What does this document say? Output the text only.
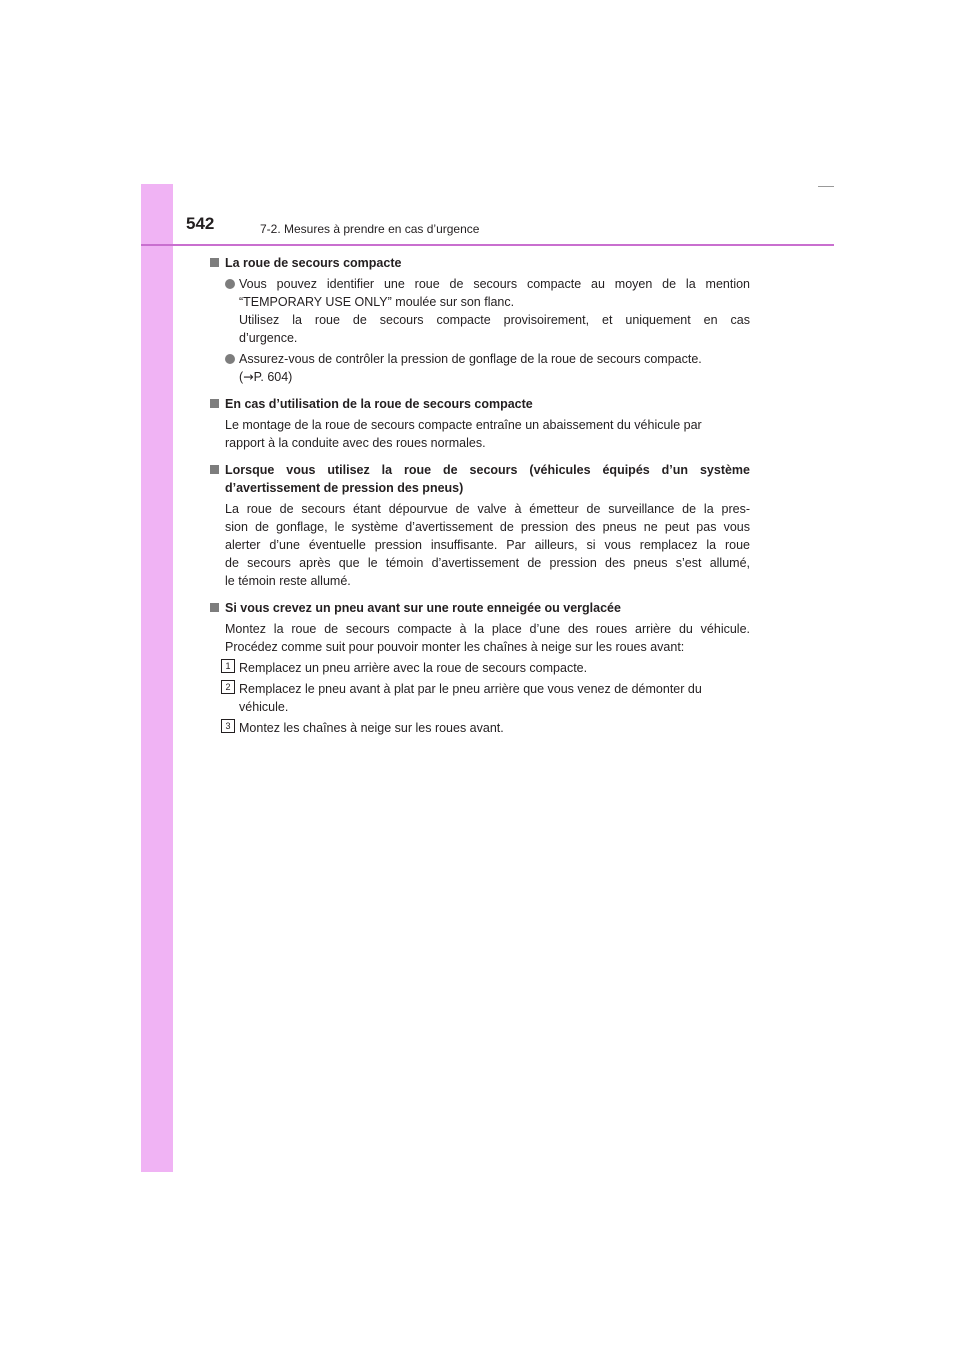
542	7-2. Mesures à prendre en cas d’urgence
La roue de secours compacte
Vous pouvez identifier une roue de secours compacte au moyen de la mention
“TEMPORARY USE ONLY” moulée sur son flanc.
Utilisez la roue de secours compacte provisoirement, et uniquement en cas
d’urgence.
Assurez-vous de contrôler la pression de gonflage de la roue de secours compacte.
(→P. 604)
En cas d’utilisation de la roue de secours compacte
Le montage de la roue de secours compacte entraîne un abaissement du véhicule par
rapport à la conduite avec des roues normales.
Lorsque vous utilisez la roue de secours (véhicules équipés d’un système
d’avertissement de pression des pneus)
La roue de secours étant dépourvue de valve à émetteur de surveillance de la pres-
sion de gonflage, le système d’avertissement de pression des pneus ne peut pas vous
alerter d’une éventuelle pression insuffisante. Par ailleurs, si vous remplacez la roue
de secours après que le témoin d’avertissement de pression des pneus s’est allumé,
le témoin reste allumé.
Si vous crevez un pneu avant sur une route enneigée ou verglacée
Montez la roue de secours compacte à la place d’une des roues arrière du véhicule.
Procédez comme suit pour pouvoir monter les chaînes à neige sur les roues avant:
1 Remplacez un pneu arrière avec la roue de secours compacte.
2 Remplacez le pneu avant à plat par le pneu arrière que vous venez de démonter du
véhicule.
3 Montez les chaînes à neige sur les roues avant.
